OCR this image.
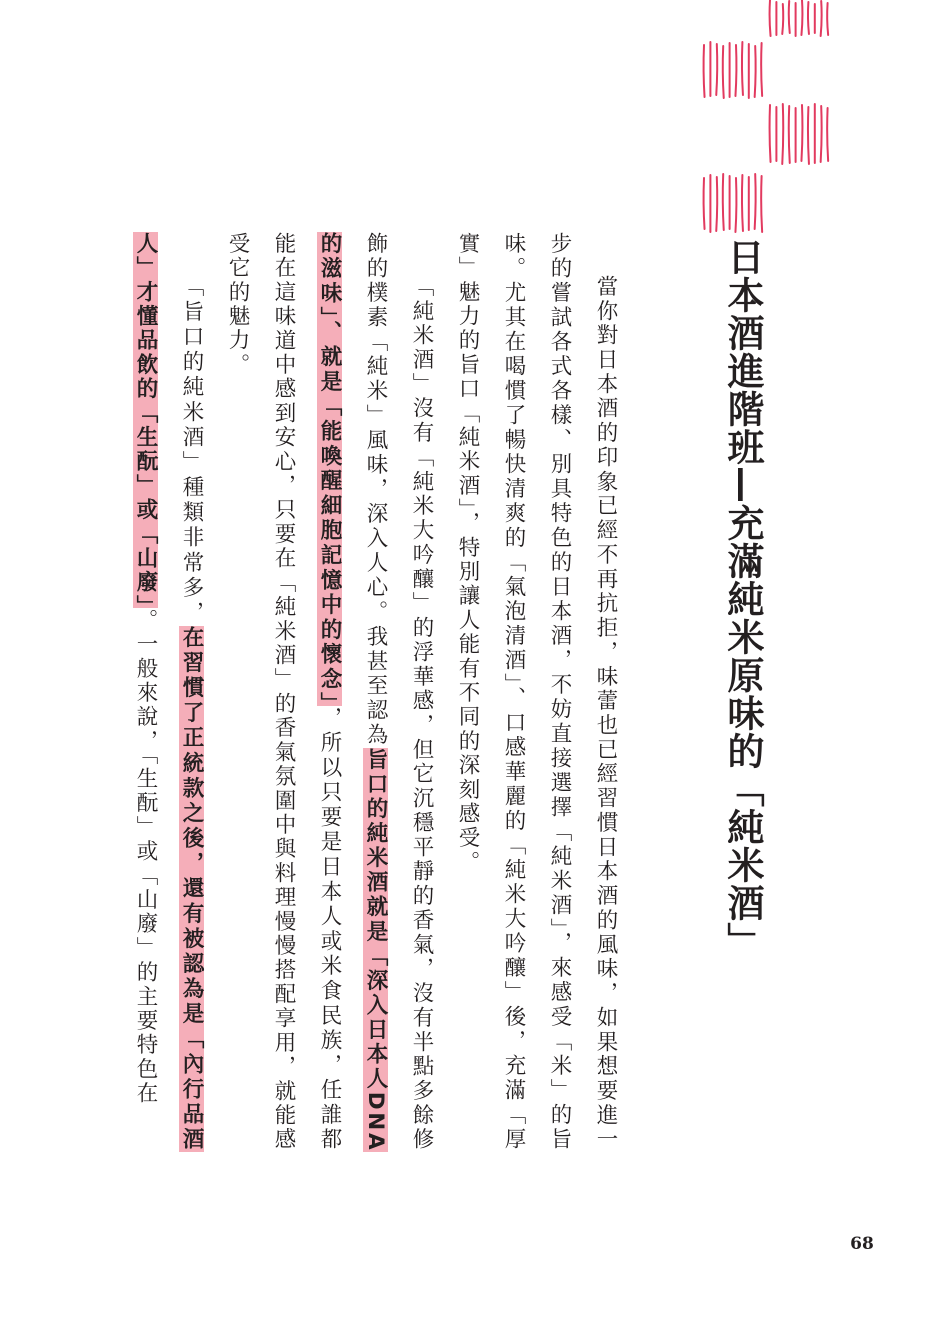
日本酒進階班—充滿純米原味的「純米酒」

當你對日本酒的印象已經不再抗拒，味蕾也已經習慣日本酒的風味，如果想要進一步的嘗試各式各樣、別具特色的日本酒，不妨直接選擇「純米酒」，來感受「米」的旨味。尤其在喝慣了暢快清爽的「氣泡清酒」、口感華麗的「純米大吟釀」後，充滿「厚實」魅力的旨口「純米酒」，特別讓人能有不同的深刻感受。

「純米酒」沒有「純米大吟釀」的浮華感，但它沉穩平靜的香氣，沒有半點多餘修飾的樸素「純米」風味，深入人心。我甚至認為旨口的純米酒就是「深入日本人DNA的滋味」、就是「能喚醒細胞記憶中的懷念」，所以只要是日本人或米食民族，任誰都能在這味道中感到安心，只要在「純米酒」的香氣氛圍中與料理慢慢搭配享用，就能感受它的魅力。

「旨口的純米酒」種類非常多，在習慣了正統款之後，還有被認為是「內行品酒人」才懂品飲的「生酛」或「山廢」。一般來說，「生酛」或「山廢」的主要特色在

68
